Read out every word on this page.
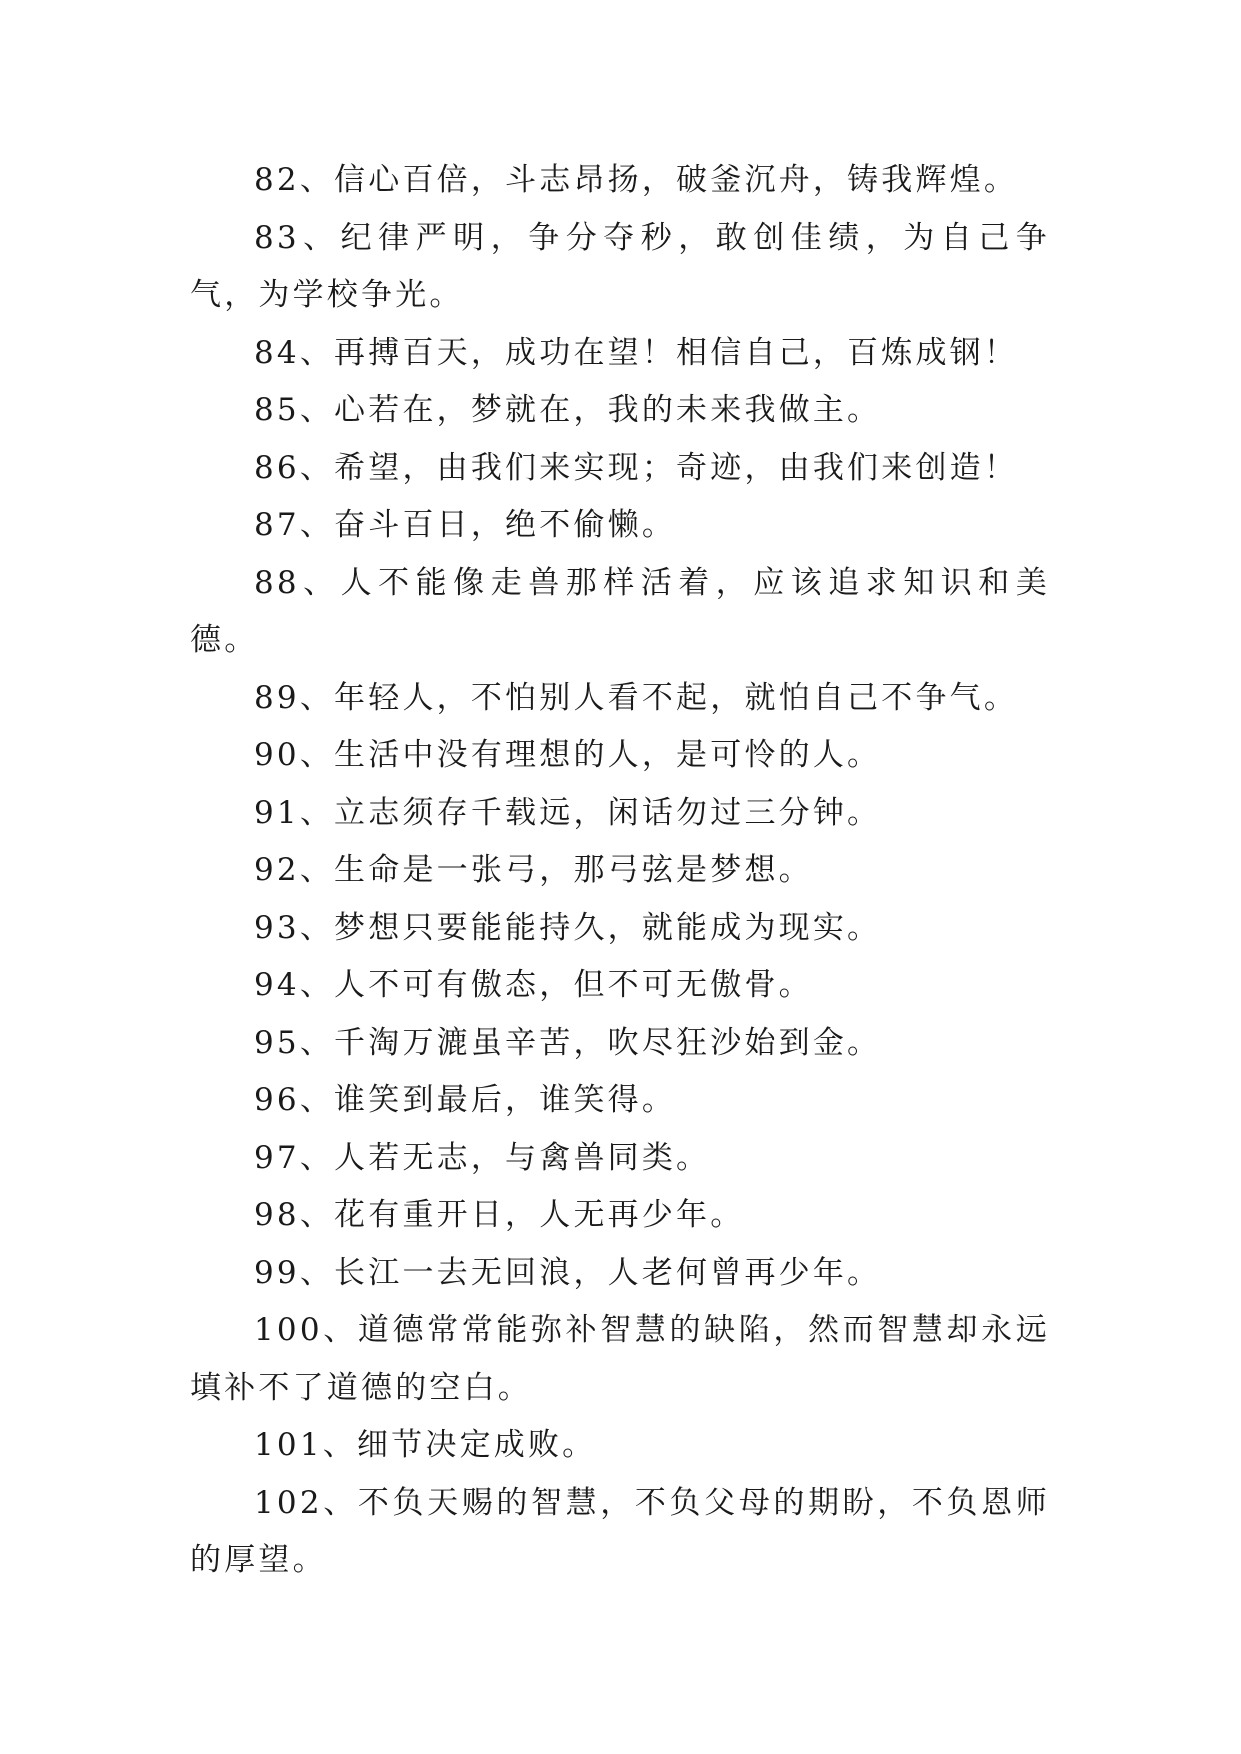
82、信心百倍，斗志昂扬，破釜沉舟，铸我辉煌。

83、纪律严明，争分夺秒，敢创佳绩，为自己争气，为学校争光。

84、再搏百天，成功在望！相信自己，百炼成钢！

85、心若在，梦就在，我的未来我做主。

86、希望，由我们来实现；奇迹，由我们来创造！

87、奋斗百日，绝不偷懒。

88、人不能像走兽那样活着，应该追求知识和美德。

89、年轻人，不怕别人看不起，就怕自己不争气。

90、生活中没有理想的人，是可怜的人。

91、立志须存千载远，闲话勿过三分钟。

92、生命是一张弓，那弓弦是梦想。

93、梦想只要能能持久，就能成为现实。

94、人不可有傲态，但不可无傲骨。

95、千淘万漉虽辛苦，吹尽狂沙始到金。

96、谁笑到最后，谁笑得。

97、人若无志，与禽兽同类。

98、花有重开日，人无再少年。

99、长江一去无回浪，人老何曾再少年。

100、道德常常能弥补智慧的缺陷，然而智慧却永远填补不了道德的空白。

101、细节决定成败。

102、不负天赐的智慧，不负父母的期盼，不负恩师的厚望。
